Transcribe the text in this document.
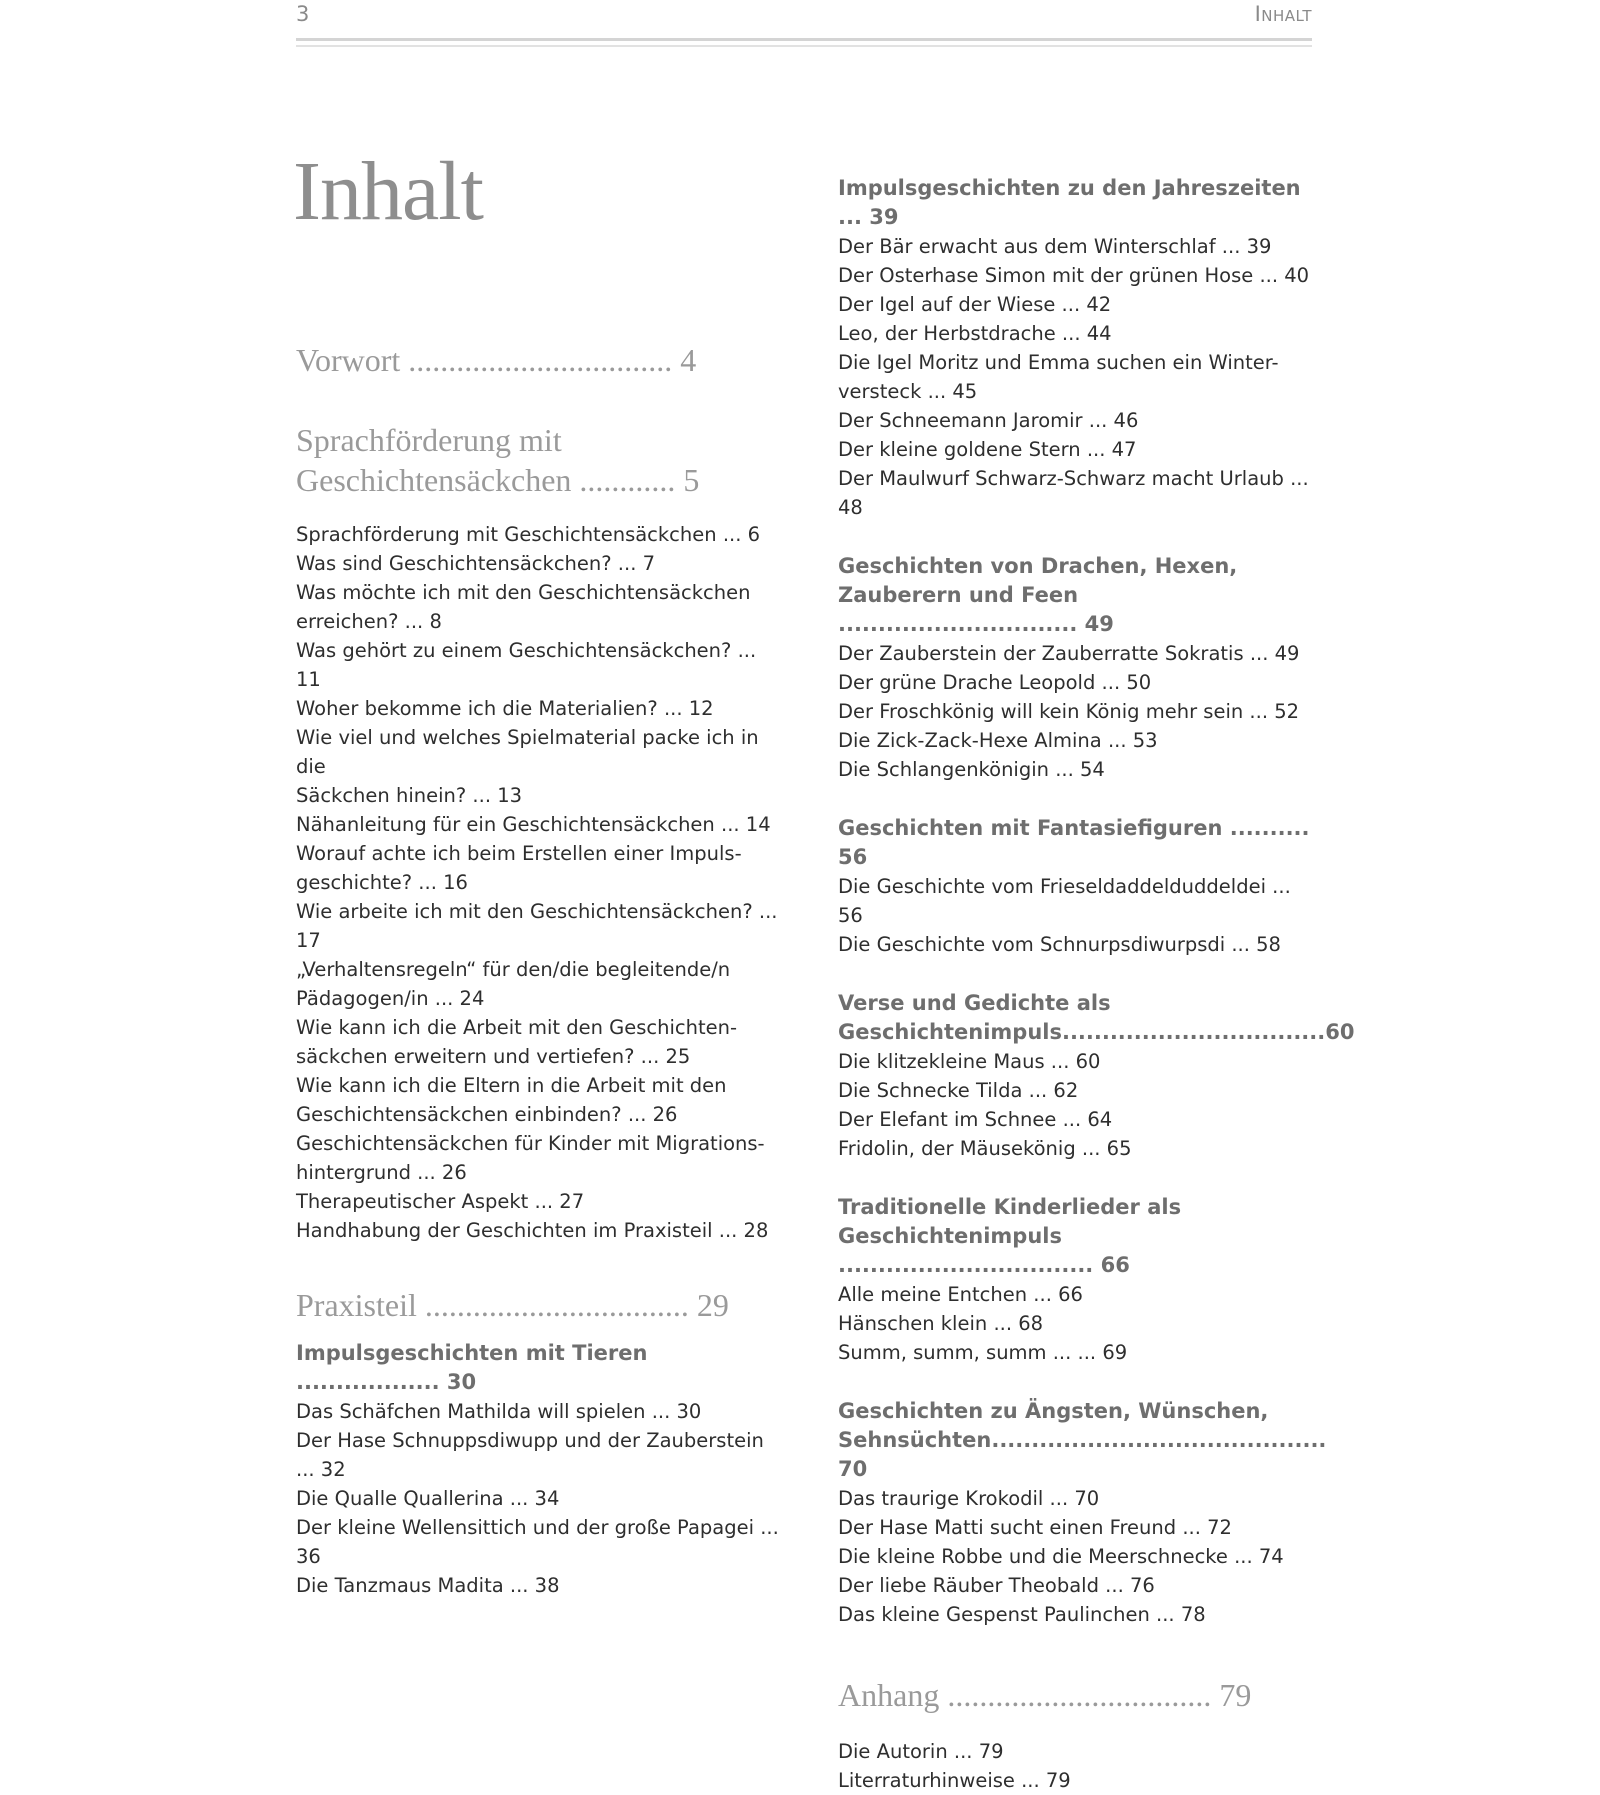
3	Inhalt
Inhalt
Vorwort ................................. 4
Sprachförderung mit
Geschichtensäckchen ............ 5
Sprachförderung mit Geschichtensäckchen ... 6
Was sind Geschichtensäckchen? ... 7
Was möchte ich mit den Geschichtensäckchen
erreichen? ... 8
Was gehört zu einem Geschichtensäckchen? ... 11
Woher bekomme ich die Materialien? ... 12
Wie viel und welches Spielmaterial packe ich in die
Säckchen hinein? ... 13
Nähanleitung für ein Geschichtensäckchen ... 14
Worauf achte ich beim Erstellen einer Impuls-
geschichte? ... 16
Wie arbeite ich mit den Geschichtensäckchen? ... 17
„Verhaltensregeln“ für den/die begleitende/n
Pädagogen/in ... 24
Wie kann ich die Arbeit mit den Geschichten-
säckchen erweitern und vertiefen? ... 25
Wie kann ich die Eltern in die Arbeit mit den
Geschichtensäckchen einbinden? ... 26
Geschichtensäckchen für Kinder mit Migrations-
hintergrund ... 26
Therapeutischer Aspekt ... 27
Handhabung der Geschichten im Praxisteil ... 28
Praxisteil ................................. 29
Impulsgeschichten mit Tieren .................. 30
Das Schäfchen Mathilda will spielen ... 30
Der Hase Schnuppsdiwupp und der Zauberstein ... 32
Die Qualle Quallerina ... 34
Der kleine Wellensittich und der große Papagei ... 36
Die Tanzmaus Madita ... 38
Impulsgeschichten zu den Jahreszeiten ... 39
Der Bär erwacht aus dem Winterschlaf ... 39
Der Osterhase Simon mit der grünen Hose ... 40
Der Igel auf der Wiese ... 42
Leo, der Herbstdrache ... 44
Die Igel Moritz und Emma suchen ein Winter-
versteck ... 45
Der Schneemann Jaromir ... 46
Der kleine goldene Stern ... 47
Der Maulwurf Schwarz-Schwarz macht Urlaub ... 48
Geschichten von Drachen, Hexen,
Zauberern und Feen .............................. 49
Der Zauberstein der Zauberratte Sokratis ... 49
Der grüne Drache Leopold ... 50
Der Froschkönig will kein König mehr sein ... 52
Die Zick-Zack-Hexe Almina ... 53
Die Schlangenkönigin ... 54
Geschichten mit Fantasiefiguren .......... 56
Die Geschichte vom Frieseldaddelduddeldei ... 56
Die Geschichte vom Schnurpsdiwurpsdi ... 58
Verse und Gedichte als
Geschichtenimpuls.................................60
Die klitzekleine Maus ... 60
Die Schnecke Tilda ... 62
Der Elefant im Schnee ... 64
Fridolin, der Mäusekönig ... 65
Traditionelle Kinderlieder als
Geschichtenimpuls ................................ 66
Alle meine Entchen ... 66
Hänschen klein ... 68
Summ, summ, summ ... ... 69
Geschichten zu Ängsten, Wünschen,
Sehnsüchten.......................................... 70
Das traurige Krokodil ... 70
Der Hase Matti sucht einen Freund ... 72
Die kleine Robbe und die Meerschnecke ... 74
Der liebe Räuber Theobald ... 76
Das kleine Gespenst Paulinchen ... 78
Anhang ................................. 79
Die Autorin ... 79
Literraturhinweise ... 79
